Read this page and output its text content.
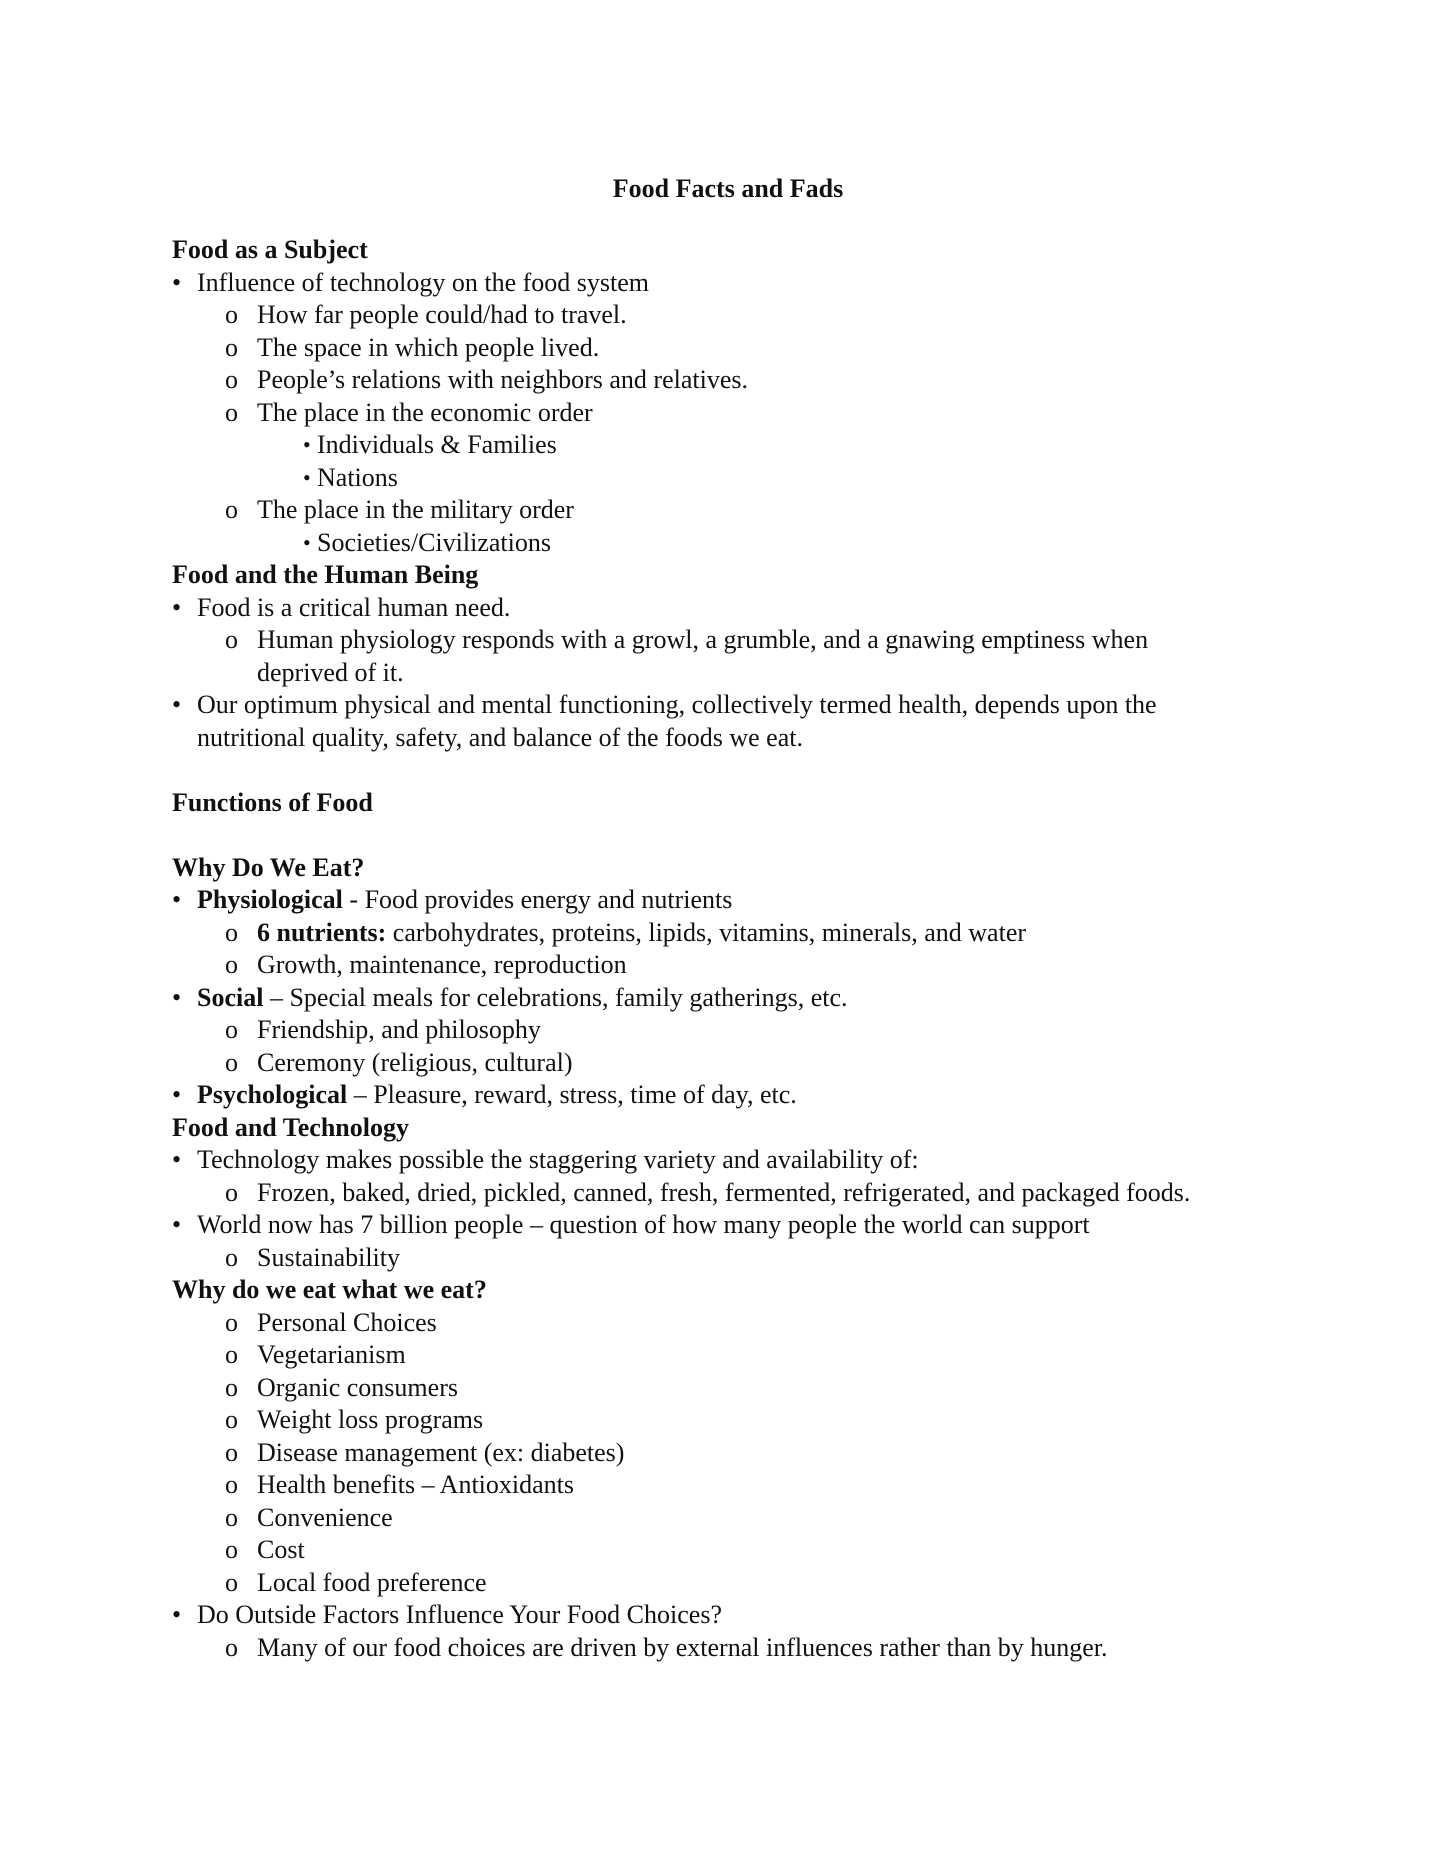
Food Facts and Fads

Food as a Subject

• Influence of technology on the food system

o How far people could/had to travel.

o The space in which people lived.

o People’s relations with neighbors and relatives.

o The place in the economic order

• Individuals & Families

• Nations

o The place in the military order

• Societies/Civilizations

Food and the Human Being

• Food is a critical human need.

o Human physiology responds with a growl, a grumble, and a gnawing emptiness when

deprived of it.

• Our optimum physical and mental functioning, collectively termed health, depends upon the

nutritional quality, safety, and balance of the foods we eat.

Functions of Food

Why Do We Eat?

• Physiological - Food provides energy and nutrients

o 6 nutrients: carbohydrates, proteins, lipids, vitamins, minerals, and water

o Growth, maintenance, reproduction

• Social – Special meals for celebrations, family gatherings, etc.

o Friendship, and philosophy

o Ceremony (religious, cultural)

• Psychological – Pleasure, reward, stress, time of day, etc.

Food and Technology

• Technology makes possible the staggering variety and availability of:

o Frozen, baked, dried, pickled, canned, fresh, fermented, refrigerated, and packaged foods.

• World now has 7 billion people – question of how many people the world can support

o Sustainability

Why do we eat what we eat?

o Personal Choices

o Vegetarianism

o Organic consumers

o Weight loss programs

o Disease management (ex: diabetes)

o Health benefits – Antioxidants

o Convenience

o Cost

o Local food preference

• Do Outside Factors Influence Your Food Choices?

o Many of our food choices are driven by external influences rather than by hunger.
